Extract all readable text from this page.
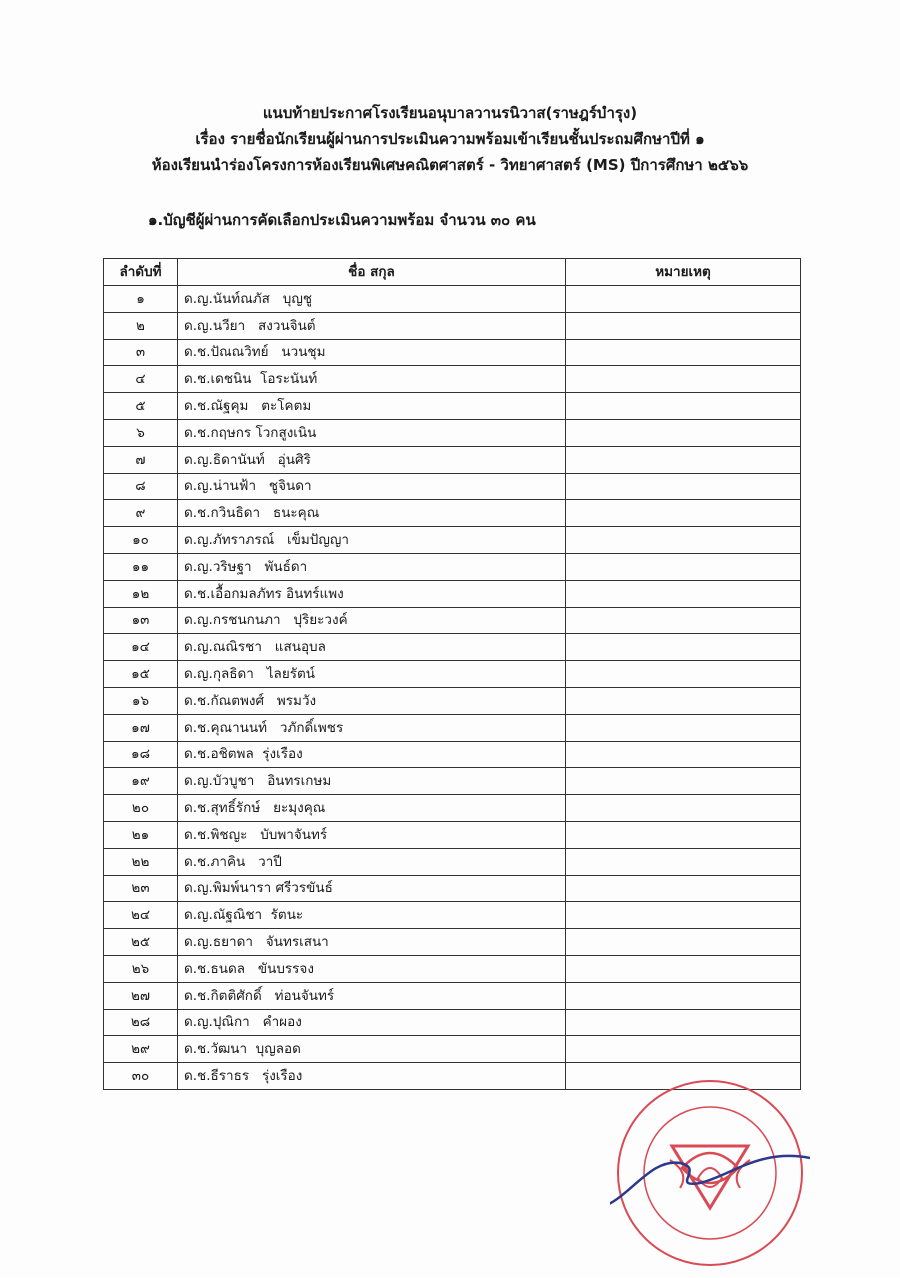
แนบท้ายประกาศโรงเรียนอนุบาลวานรนิวาส(ราษฎร์บำรุง)
เรื่อง รายชื่อนักเรียนผู้ผ่านการประเมินความพร้อมเข้าเรียนชั้นประถมศึกษาปีที่ ๑
ห้องเรียนนำร่องโครงการห้องเรียนพิเศษคณิตศาสตร์ - วิทยาศาสตร์ (MS) ปีการศึกษา ๒๕๖๖
๑.บัญชีผู้ผ่านการคัดเลือกประเมินความพร้อม จำนวน ๓๐ คน
ลำดับที่	ชื่อ สกุล	หมายเหตุ
๑	ด.ญ.นันท์ณภัส   บุญชู	
๒	ด.ญ.นวียา   สงวนจินต์	
๓	ด.ช.ปัณณวิทย์   นวนชุม	
๔	ด.ช.เดชนิน  โอระนันท์	
๕	ด.ช.ณัฐคุม   ตะโคตม	
๖	ด.ช.กฤษกร โวกสูงเนิน	
๗	ด.ญ.ธิดานันท์   อุ่นศิริ	
๘	ด.ญ.น่านฟ้า   ชูจินดา	
๙	ด.ช.กวินธิดา   ธนะคุณ	
๑๐	ด.ญ.ภัทราภรณ์   เข็มปัญญา	
๑๑	ด.ญ.วริษฐา   พันธ์ดา	
๑๒	ด.ช.เอื้อกมลภัทร อินทร์แพง	
๑๓	ด.ญ.กรชนกนภา   ปุริยะวงค์	
๑๔	ด.ญ.ณณิรชา   แสนอุบล	
๑๕	ด.ญ.กุลธิดา   ไลยรัตน์	
๑๖	ด.ช.กัณตพงศ์   พรมวัง	
๑๗	ด.ช.คุณานนท์   วภักดิ์เพชร	
๑๘	ด.ช.อชิตพล  รุ่งเรือง	
๑๙	ด.ญ.บัวบูชา   อินทรเกษม	
๒๐	ด.ช.สุทธิ์รักษ์   ยะมุงคุณ	
๒๑	ด.ช.พิชญะ   บับพาจันทร์	
๒๒	ด.ช.ภาคิน   วาปี	
๒๓	ด.ญ.พิมพ์นารา ศรีวรขันธ์	
๒๔	ด.ญ.ณัฐณิชา  รัตนะ	
๒๕	ด.ญ.ธยาดา   จันทรเสนา	
๒๖	ด.ช.ธนดล   ขันบรรจง	
๒๗	ด.ช.กิตติศักดิ์   ท่อนจันทร์	
๒๘	ด.ญ.ปุณิกา   คำผอง	
๒๙	ด.ช.วัฒนา  บุญลอด	
๓๐	ด.ช.ธีราธร   รุ่งเรือง	
